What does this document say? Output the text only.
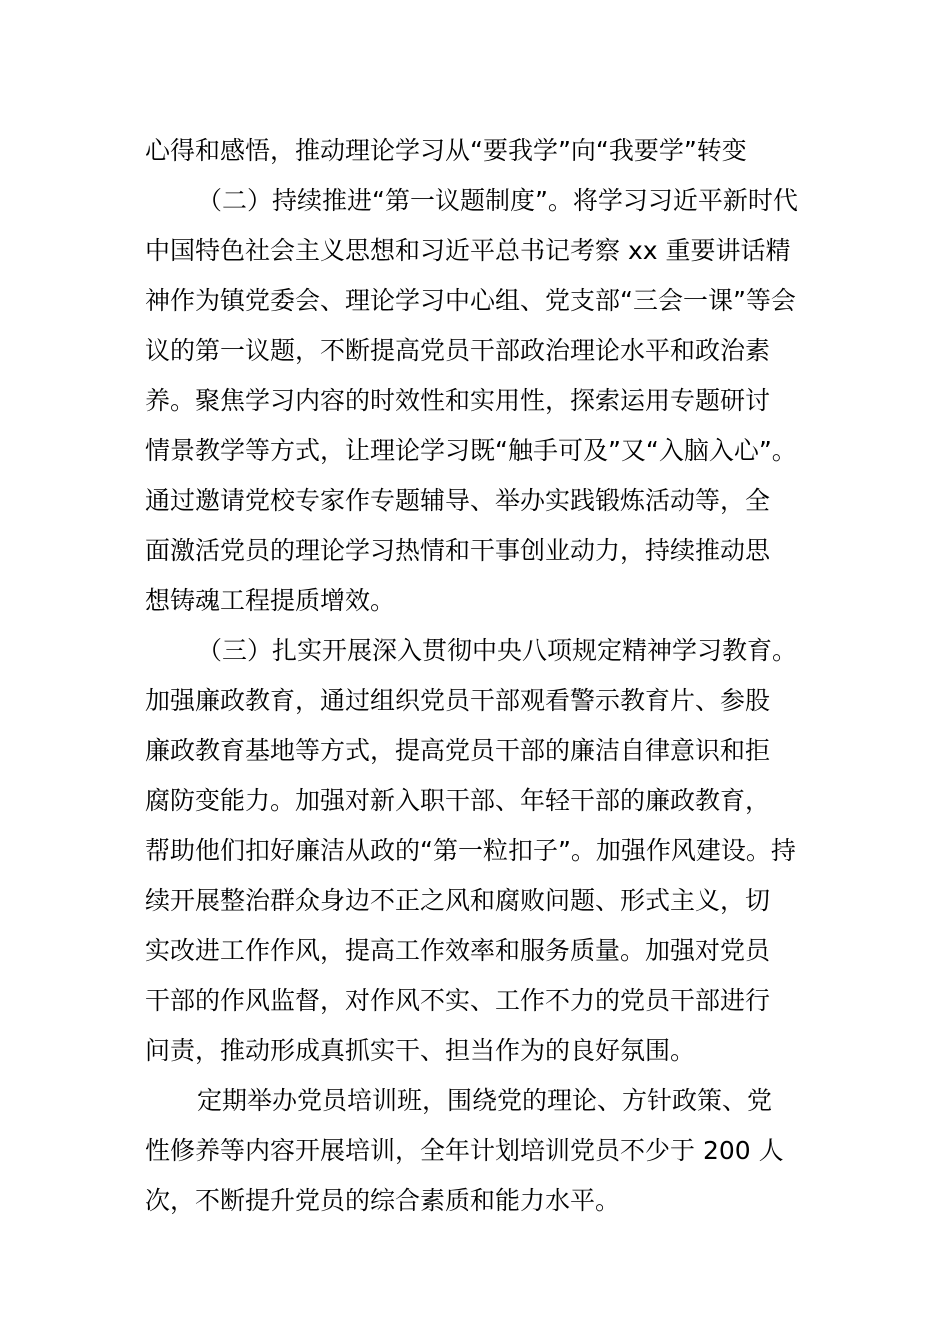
心得和感悟，推动理论学习从“要我学”向“我要学”转变
（二）持续推进“第一议题制度”。将学习习近平新时代
中国特色社会主义思想和习近平总书记考察 xx 重要讲话精
神作为镇党委会、理论学习中心组、党支部“三会一课”等会
议的第一议题，不断提高党员干部政治理论水平和政治素
养。聚焦学习内容的时效性和实用性，探索运用专题研讨
情景教学等方式，让理论学习既“触手可及”又“入脑入心”。
通过邀请党校专家作专题辅导、举办实践锻炼活动等，全
面激活党员的理论学习热情和干事创业动力，持续推动思
想铸魂工程提质增效。
（三）扎实开展深入贯彻中央八项规定精神学习教育。
加强廉政教育，通过组织党员干部观看警示教育片、参股
廉政教育基地等方式，提高党员干部的廉洁自律意识和拒
腐防变能力。加强对新入职干部、年轻干部的廉政教育，
帮助他们扣好廉洁从政的“第一粒扣子”。加强作风建设。持
续开展整治群众身边不正之风和腐败问题、形式主义，切
实改进工作作风，提高工作效率和服务质量。加强对党员
干部的作风监督，对作风不实、工作不力的党员干部进行
问责，推动形成真抓实干、担当作为的良好氛围。
定期举办党员培训班，围绕党的理论、方针政策、党
性修养等内容开展培训，全年计划培训党员不少于 200 人
次，不断提升党员的综合素质和能力水平。
